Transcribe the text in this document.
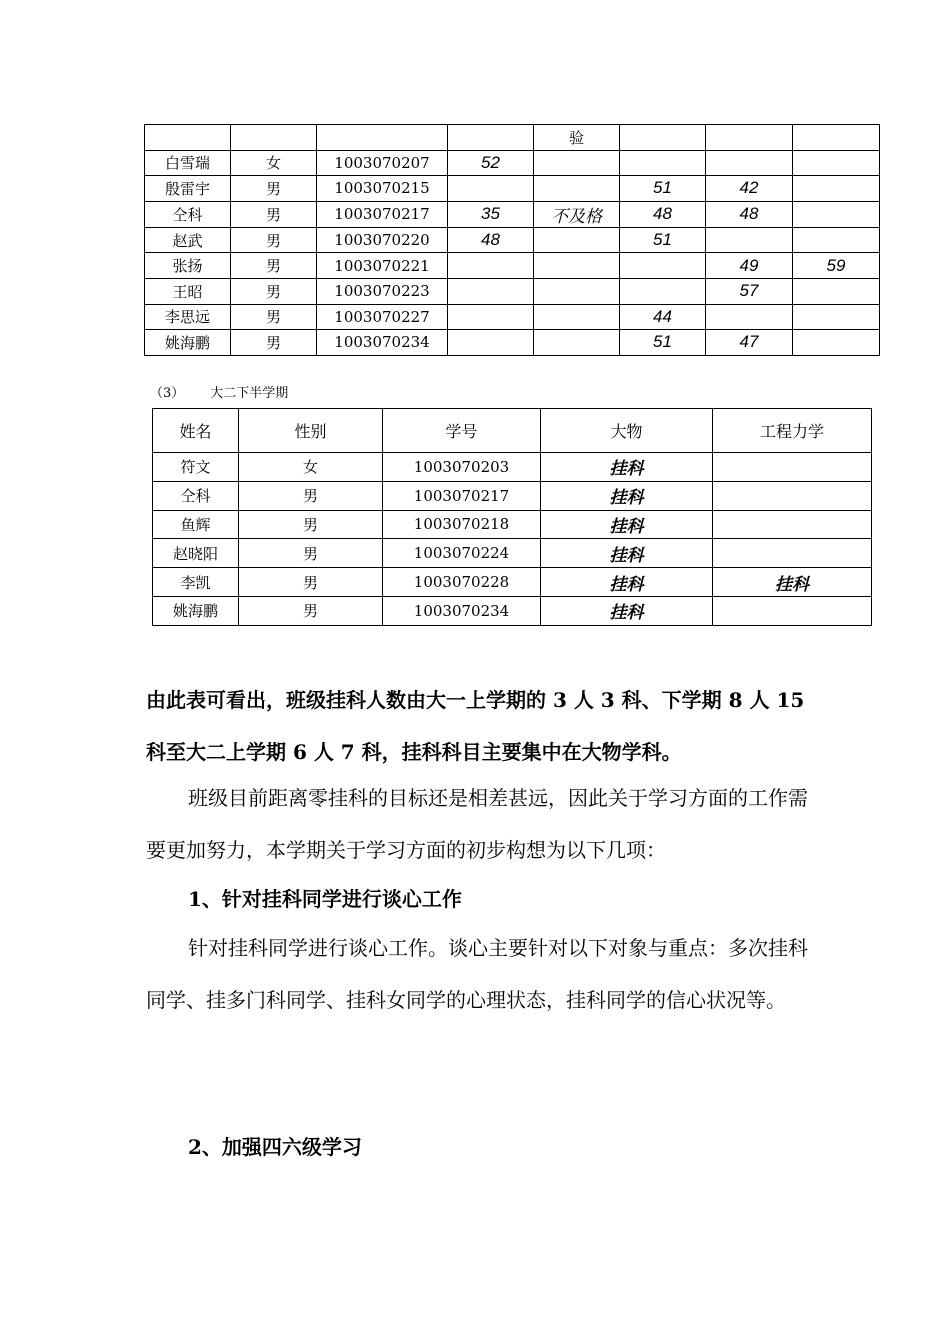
				验			
白雪瑞	女	1003070207	52				
殷雷宇	男	1003070215			51	42	
仝科	男	1003070217	35	不及格	48	48	
赵武	男	1003070220	48		51		
张扬	男	1003070221				49	59
王昭	男	1003070223				57	
李思远	男	1003070227			44		
姚海鹏	男	1003070234			51	47	
（3） 大二下半学期
姓名	性别	学号	大物	工程力学
符文	女	1003070203	挂科	
仝科	男	1003070217	挂科	
鱼辉	男	1003070218	挂科	
赵晓阳	男	1003070224	挂科	
李凯	男	1003070228	挂科	挂科
姚海鹏	男	1003070234	挂科	

由此表可看出，班级挂科人数由大一上学期的 3 人 3 科、下学期 8 人 15 科至大二上学期 6 人 7 科，挂科科目主要集中在大物学科。

班级目前距离零挂科的目标还是相差甚远，因此关于学习方面的工作需要更加努力，本学期关于学习方面的初步构想为以下几项：

1、针对挂科同学进行谈心工作

针对挂科同学进行谈心工作。谈心主要针对以下对象与重点：多次挂科同学、挂多门科同学、挂科女同学的心理状态，挂科同学的信心状况等。

2、加强四六级学习
